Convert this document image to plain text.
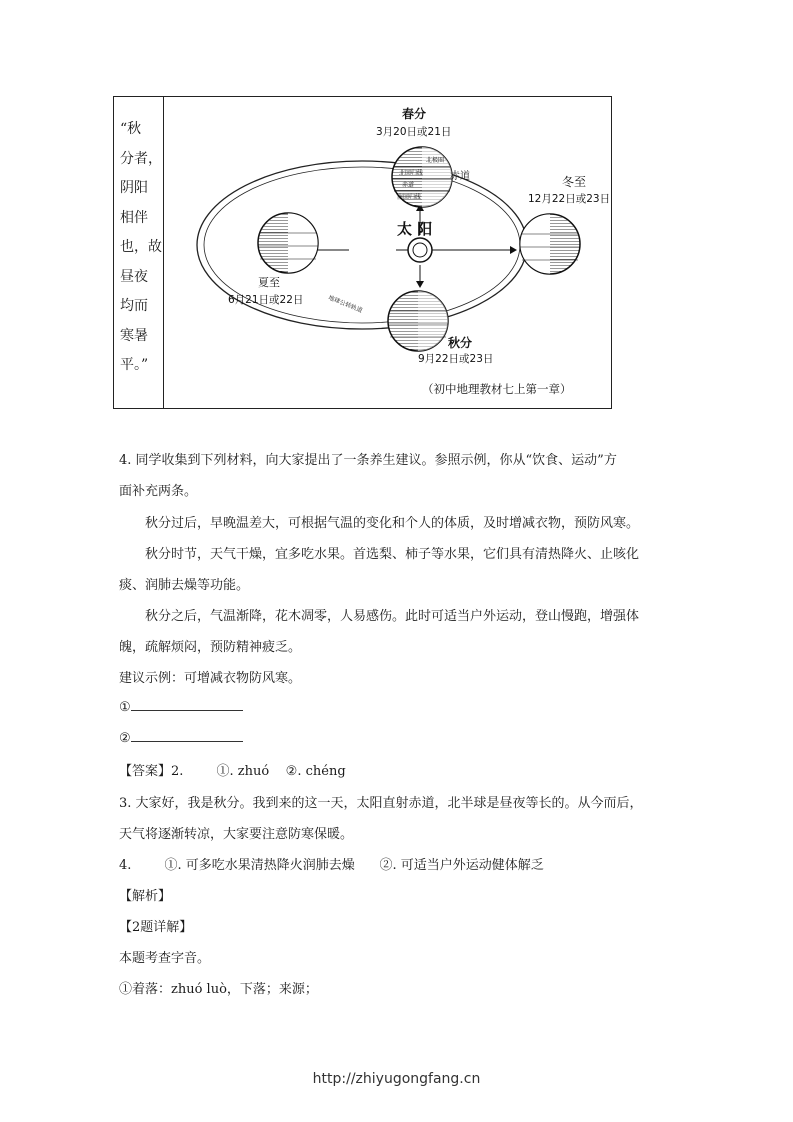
“秋
分者，
阴阳
相伴
也，故
昼夜
均而
寒暑
平。”
太 阳
北极圈
北回归线
赤道
南回归线
赤道
春分
3月20日或21日
冬至
12月22日或23日
夏至
6月21日或22日	地球公转轨道
秋分
9月22日或23日
（初中地理教材七上第一章）
4. 同学收集到下列材料，向大家提出了一条养生建议。参照示例，你从“饮食、运动”方
面补充两条。
秋分过后，早晚温差大，可根据气温的变化和个人的体质，及时增减衣物，预防风寒。
秋分时节，天气干燥，宜多吃水果。首选梨、柿子等水果，它们具有清热降火、止咳化
痰、润肺去燥等功能。
秋分之后，气温渐降，花木凋零，人易感伤。此时可适当户外运动，登山慢跑，增强体
魄，疏解烦闷，预防精神疲乏。
建议示例：可增减衣物防风寒。
①
②
【答案】2.        ①. zhuó    ②. chéng
3. 大家好，我是秋分。我到来的这一天，太阳直射赤道，北半球是昼夜等长的。从今而后，
天气将逐渐转凉，大家要注意防寒保暖。
4.        ①. 可多吃水果清热降火润肺去燥      ②. 可适当户外运动健体解乏
【解析】
【2题详解】
本题考查字音。
①着落：zhuó luò，下落；来源；
http://zhiyugongfang.cn
